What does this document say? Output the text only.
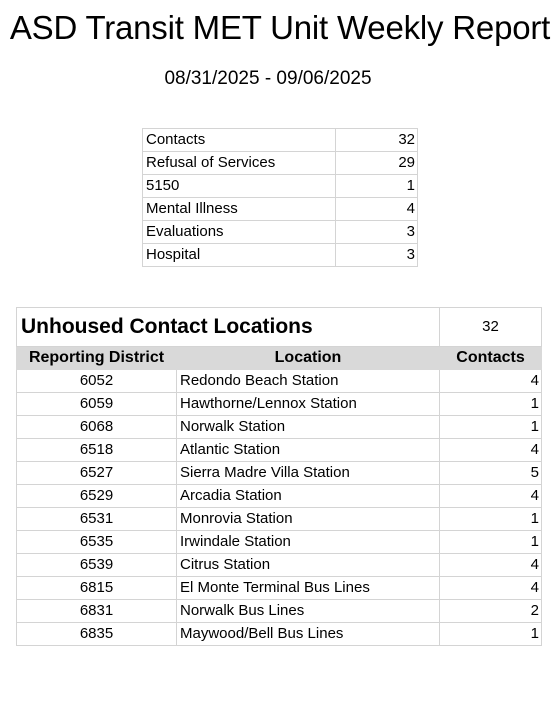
ASD Transit MET Unit Weekly Report
08/31/2025 - 09/06/2025
Contacts	32
Refusal of Services	29
5150	1
Mental Illness	4
Evaluations	3
Hospital	3
Unhoused Contact Locations		32
Reporting District	Location	Contacts
6052	Redondo Beach Station	4
6059	Hawthorne/Lennox Station	1
6068	Norwalk Station	1
6518	Atlantic Station	4
6527	Sierra Madre Villa Station	5
6529	Arcadia Station	4
6531	Monrovia Station	1
6535	Irwindale Station	1
6539	Citrus Station	4
6815	El Monte Terminal Bus Lines	4
6831	Norwalk Bus Lines	2
6835	Maywood/Bell Bus Lines	1
